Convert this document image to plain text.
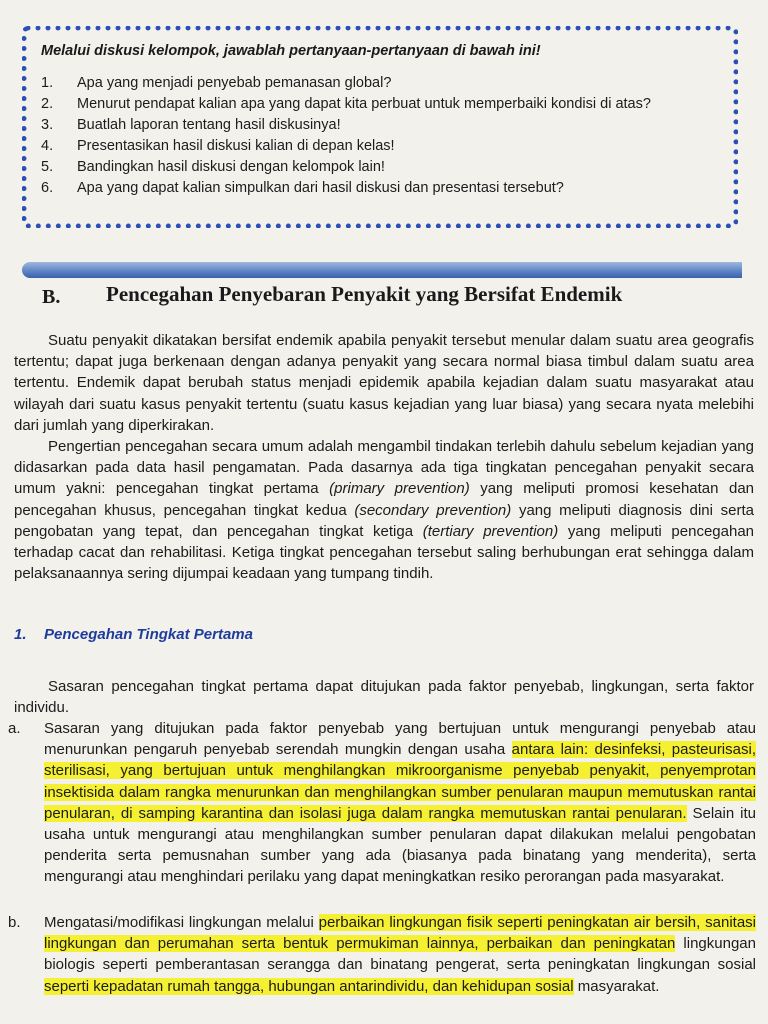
Melalui diskusi kelompok, jawablah pertanyaan-pertanyaan di bawah ini!

1.	Apa yang menjadi penyebab pemanasan global?
2.	Menurut pendapat kalian apa yang dapat kita perbuat untuk memperbaiki kondisi di atas?
3.	Buatlah laporan tentang hasil diskusinya!
4.	Presentasikan hasil diskusi kalian di depan kelas!
5.	Bandingkan hasil diskusi dengan kelompok lain!
6.	Apa yang dapat kalian simpulkan dari hasil diskusi dan presentasi tersebut?
B. Pencegahan Penyebaran Penyakit yang Bersifat Endemik

Suatu penyakit dikatakan bersifat endemik apabila penyakit tersebut menular dalam suatu area geografis tertentu; dapat juga berkenaan dengan adanya penyakit yang secara normal biasa timbul dalam suatu area tertentu. Endemik dapat berubah status menjadi epidemik apabila kejadian dalam suatu masyarakat atau wilayah dari suatu kasus penyakit tertentu (suatu kasus kejadian yang luar biasa) yang secara nyata melebihi dari jumlah yang diperkirakan.

Pengertian pencegahan secara umum adalah mengambil tindakan terlebih dahulu sebelum kejadian yang didasarkan pada data hasil pengamatan. Pada dasarnya ada tiga tingkatan pencegahan penyakit secara umum yakni: pencegahan tingkat pertama (primary prevention) yang meliputi promosi kesehatan dan pencegahan khusus, pencegahan tingkat kedua (secondary prevention) yang meliputi diagnosis dini serta pengobatan yang tepat, dan pencegahan tingkat ketiga (tertiary prevention) yang meliputi pencegahan terhadap cacat dan rehabilitasi. Ketiga tingkat pencegahan tersebut saling berhubungan erat sehingga dalam pelaksanaannya sering dijumpai keadaan yang tumpang tindih.

1. Pencegahan Tingkat Pertama

Sasaran pencegahan tingkat pertama dapat ditujukan pada faktor penyebab, lingkungan, serta faktor individu.

a.	Sasaran yang ditujukan pada faktor penyebab yang bertujuan untuk mengurangi penyebab atau menurunkan pengaruh penyebab serendah mungkin dengan usaha antara lain: desinfeksi, pasteurisasi, sterilisasi, yang bertujuan untuk menghilangkan mikroorganisme penyebab penyakit, penyemprotan insektisida dalam rangka menurunkan dan menghilangkan sumber penularan maupun memutuskan rantai penularan, di samping karantina dan isolasi juga dalam rangka memutuskan rantai penularan. Selain itu usaha untuk mengurangi atau menghilangkan sumber penularan dapat dilakukan melalui pengobatan penderita serta pemusnahan sumber yang ada (biasanya pada binatang yang menderita), serta mengurangi atau menghindari perilaku yang dapat meningkatkan resiko perorangan pada masyarakat.
b.	Mengatasi/modifikasi lingkungan melalui perbaikan lingkungan fisik seperti peningkatan air bersih, sanitasi lingkungan dan perumahan serta bentuk permukiman lainnya, perbaikan dan peningkatan lingkungan biologis seperti pemberantasan serangga dan binatang pengerat, serta peningkatan lingkungan sosial seperti kepadatan rumah tangga, hubungan antarindividu, dan kehidupan sosial masyarakat.
